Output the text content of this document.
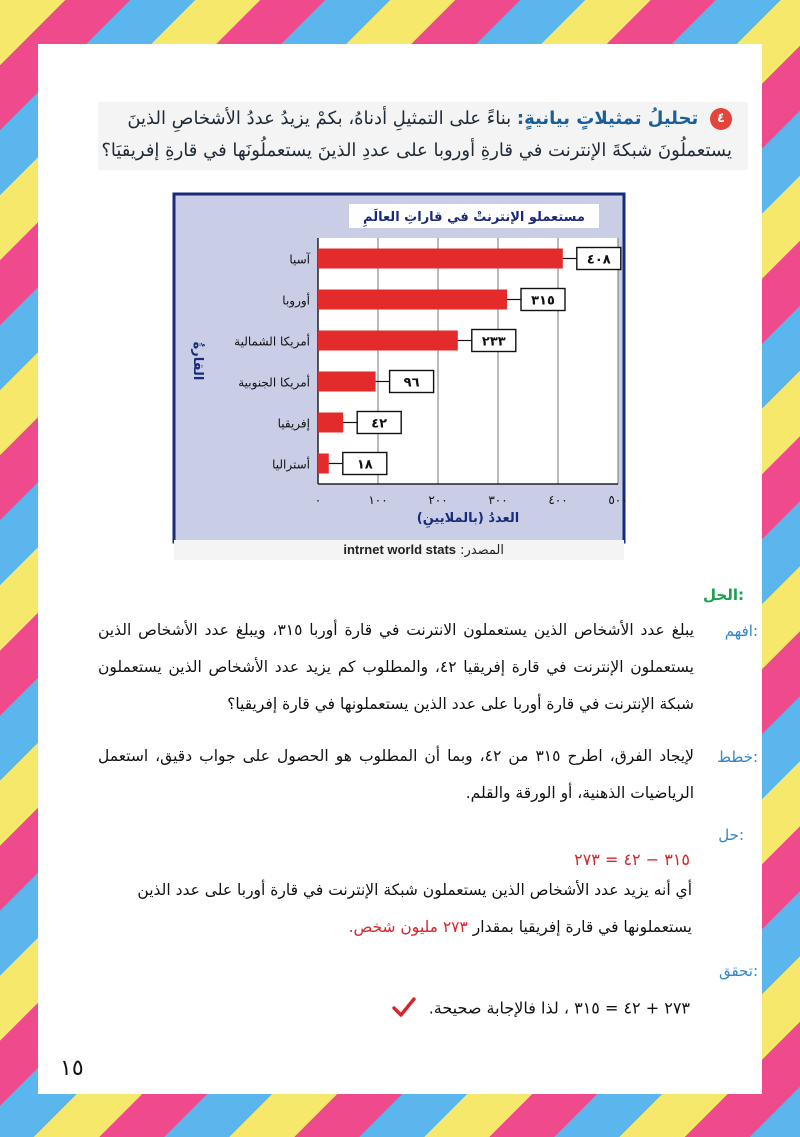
٤ تحليلُ تمثيلاتٍ بيانيةٍ: بناءً على التمثيلِ أدناهُ، بكمْ يزيدُ عددُ الأشخاصِ الذينَ
يستعملُونَ شبكةَ الإنترنت في قارةِ أوروبا على عددِ الذينَ يستعملُونَها في قارةِ إفريقيَا؟
مستعملو الإنترنتْ في قاراتِ العالَمِ
٠	١٠٠	٢٠٠	٣٠٠	٤٠٠	٥٠٠
آسيا	٤٠٨
أوروبا	٣١٥
أمريكا الشمالية	٢٣٣
أمريكا الجنوبية	٩٦
إفريقيا	٤٢
أستراليا	١٨
العددُ (بالملايينِ)
القارةُ
المصدر: intrnet world stats
الحل:
افهم:
يبلغ عدد الأشخاص الذين يستعملون الانترنت في قارة أوربا ٣١٥، ويبلغ عدد الأشخاص الذين يستعملون الإنترنت في قارة إفريقيا ٤٢، والمطلوب كم يزيد عدد الأشخاص الذين يستعملون شبكة الإنترنت في قارة أوربا على عدد الذين يستعملونها في قارة إفريقيا؟
خطط:
لإيجاد الفرق، اطرح ٣١٥ من ٤٢، وبما أن المطلوب هو الحصول على جواب دقيق، استعمل الرياضيات الذهنية، أو الورقة والقلم.
حل:
٣١٥ − ٤٢ = ٢٧٣
أي أنه يزيد عدد الأشخاص الذين يستعملون شبكة الإنترنت في قارة أوربا على عدد الذين
يستعملونها في قارة إفريقيا بمقدار ٢٧٣ مليون شخص.
تحقق:
٢٧٣ + ٤٢ = ٣١٥ ، لذا فالإجابة صحيحة.
١٥
